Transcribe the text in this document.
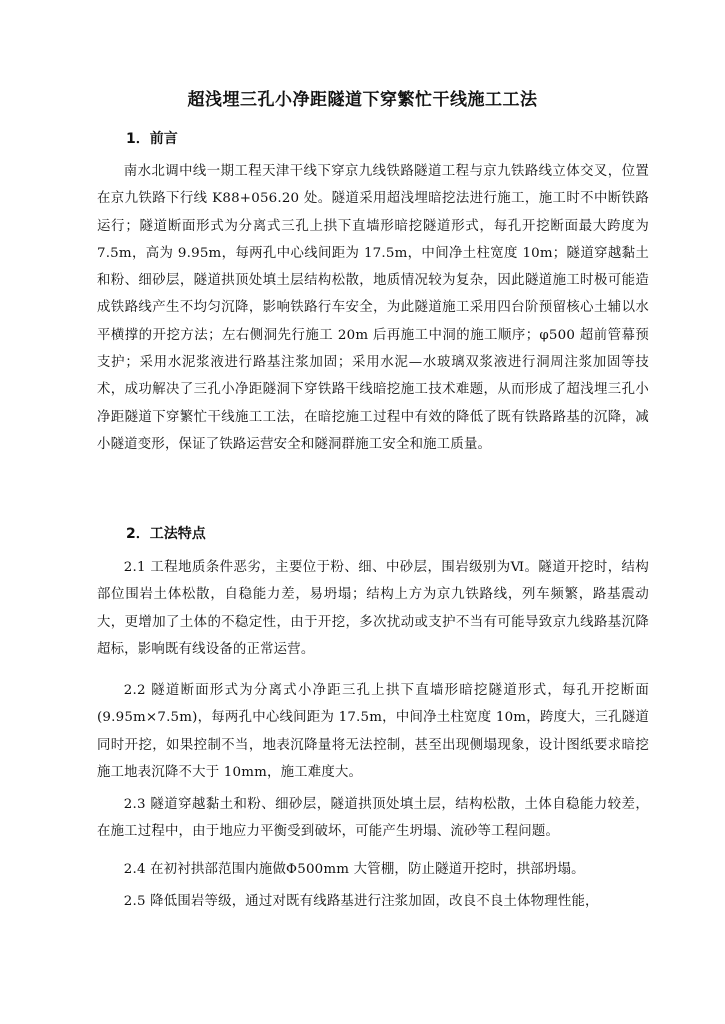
超浅埋三孔小净距隧道下穿繁忙干线施工工法
1．前言
南水北调中线一期工程天津干线下穿京九线铁路隧道工程与京九铁路线立体交叉，位置在京九铁路下行线 K88+056.20 处。隧道采用超浅埋暗挖法进行施工，施工时不中断铁路运行；隧道断面形式为分离式三孔上拱下直墙形暗挖隧道形式，每孔开挖断面最大跨度为 7.5m，高为 9.95m，每两孔中心线间距为 17.5m，中间净土柱宽度 10m；隧道穿越黏土和粉、细砂层，隧道拱顶处填土层结构松散，地质情况较为复杂，因此隧道施工时极可能造成铁路线产生不均匀沉降，影响铁路行车安全，为此隧道施工采用四台阶预留核心土辅以水平横撑的开挖方法；左右侧洞先行施工 20m 后再施工中洞的施工顺序；φ500 超前管幕预支护；采用水泥浆液进行路基注浆加固；采用水泥—水玻璃双浆液进行洞周注浆加固等技术，成功解决了三孔小净距隧洞下穿铁路干线暗挖施工技术难题，从而形成了超浅埋三孔小净距隧道下穿繁忙干线施工工法，在暗挖施工过程中有效的降低了既有铁路路基的沉降，减小隧道变形，保证了铁路运营安全和隧洞群施工安全和施工质量。
2．工法特点
2.1 工程地质条件恶劣，主要位于粉、细、中砂层，围岩级别为Ⅵ。隧道开挖时，结构部位围岩土体松散，自稳能力差，易坍塌；结构上方为京九铁路线，列车频繁，路基震动大，更增加了土体的不稳定性，由于开挖，多次扰动或支护不当有可能导致京九线路基沉降超标，影响既有线设备的正常运营。
2.2 隧道断面形式为分离式小净距三孔上拱下直墙形暗挖隧道形式，每孔开挖断面(9.95m×7.5m)，每两孔中心线间距为 17.5m，中间净土柱宽度 10m，跨度大，三孔隧道同时开挖，如果控制不当，地表沉降量将无法控制，甚至出现侧塌现象，设计图纸要求暗挖施工地表沉降不大于 10mm，施工难度大。
2.3 隧道穿越黏土和粉、细砂层，隧道拱顶处填土层，结构松散，土体自稳能力较差，在施工过程中，由于地应力平衡受到破坏，可能产生坍塌、流砂等工程问题。
2.4 在初衬拱部范围内施做Φ500mm 大管棚，防止隧道开挖时，拱部坍塌。
2.5 降低围岩等级，通过对既有线路基进行注浆加固，改良不良土体物理性能，
